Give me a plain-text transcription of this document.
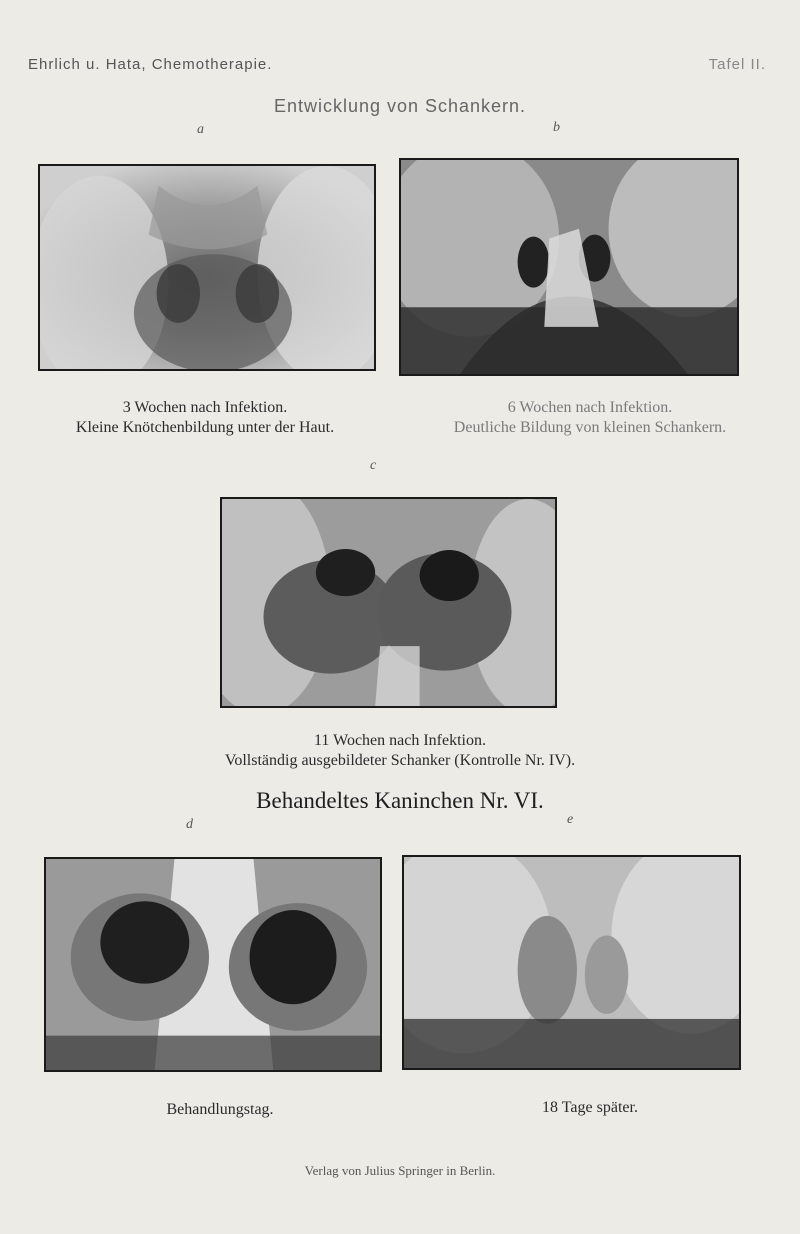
Ehrlich u. Hata, Chemotherapie.	Tafel II.
Entwicklung von Schankern.
a
3 Wochen nach Infektion.
Kleine Knötchenbildung unter der Haut.
b
6 Wochen nach Infektion.
Deutliche Bildung von kleinen Schankern.
c
11 Wochen nach Infektion.
Vollständig ausgebildeter Schanker (Kontrolle Nr. IV).
Behandeltes Kaninchen Nr. VI.
d
Behandlungstag.
e
18 Tage später.
Verlag von Julius Springer in Berlin.
